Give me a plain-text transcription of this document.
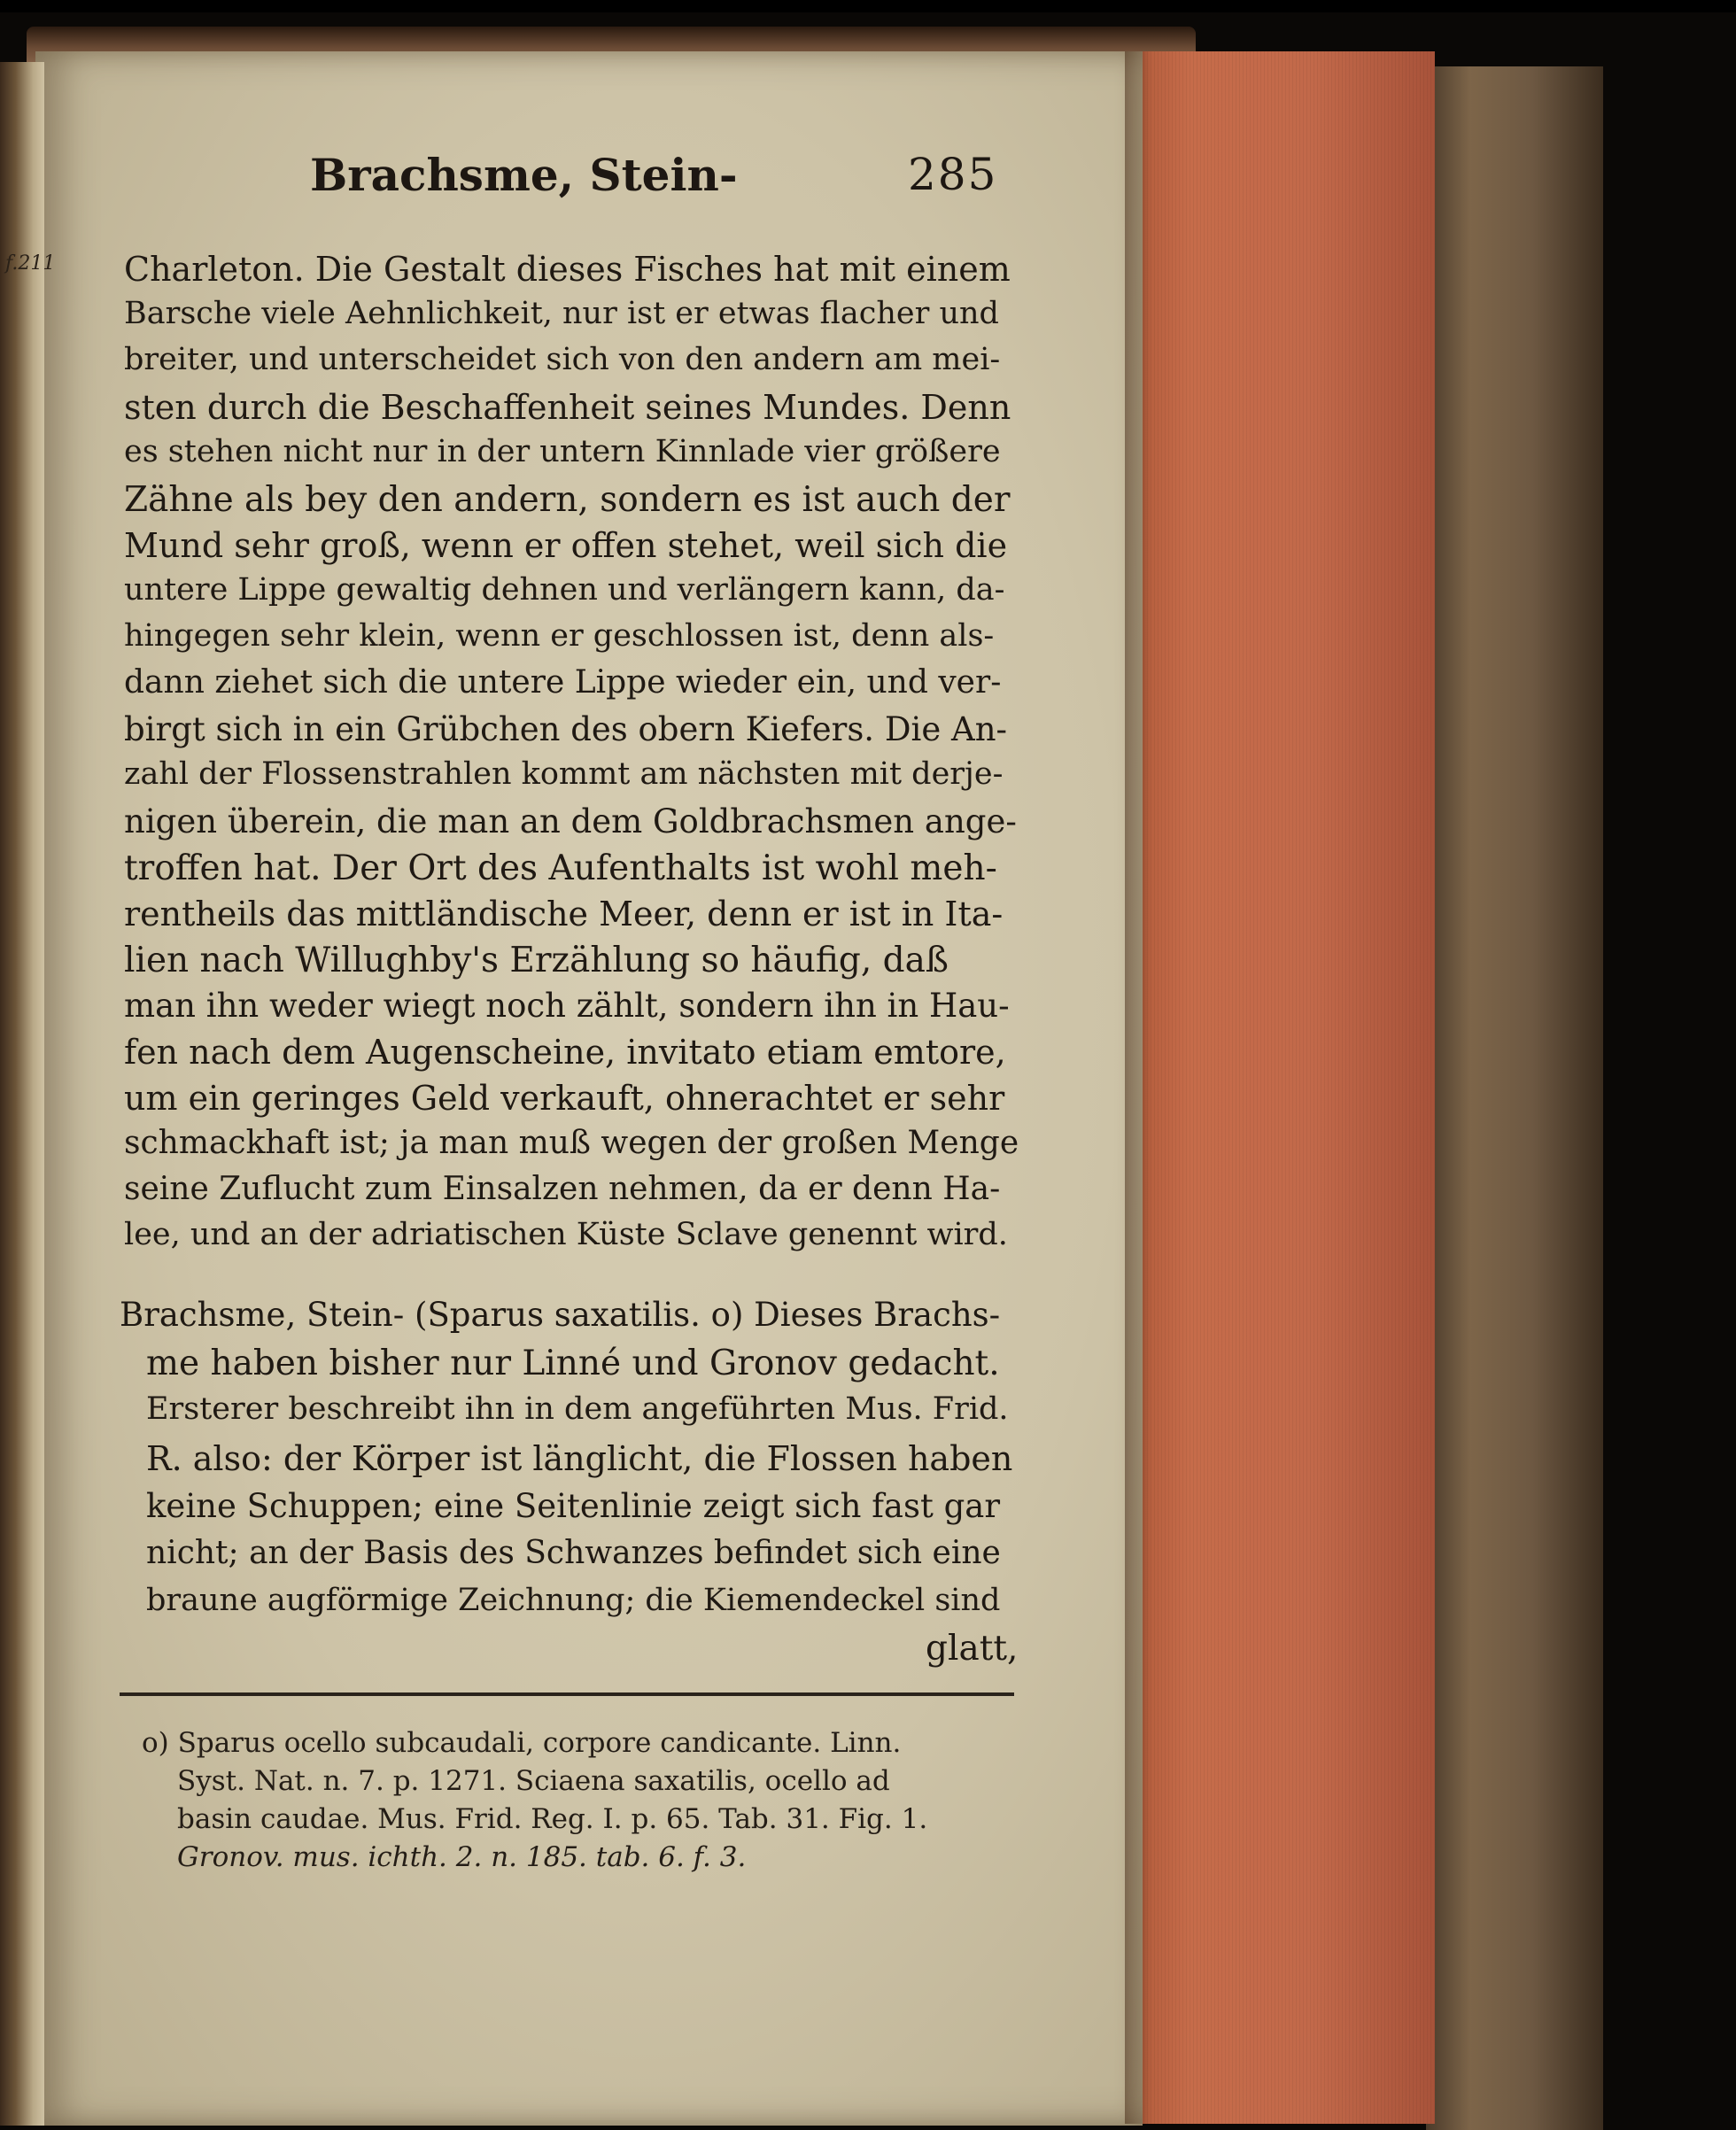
f.211
Brachsme, Stein-	285
Charleton. Die Gestalt dieses Fisches hat mit einem
Barsche viele Aehnlichkeit, nur ist er etwas flacher und
breiter, und unterscheidet sich von den andern am mei-
sten durch die Beschaffenheit seines Mundes. Denn
es stehen nicht nur in der untern Kinnlade vier größere
Zähne als bey den andern, sondern es ist auch der
Mund sehr groß, wenn er offen stehet, weil sich die
untere Lippe gewaltig dehnen und verlängern kann, da-
hingegen sehr klein, wenn er geschlossen ist, denn als-
dann ziehet sich die untere Lippe wieder ein, und ver-
birgt sich in ein Grübchen des obern Kiefers. Die An-
zahl der Flossenstrahlen kommt am nächsten mit derje-
nigen überein, die man an dem Goldbrachsmen ange-
troffen hat. Der Ort des Aufenthalts ist wohl meh-
rentheils das mittländische Meer, denn er ist in Ita-
lien nach Willughby's Erzählung so häufig, daß
man ihn weder wiegt noch zählt, sondern ihn in Hau-
fen nach dem Augenscheine, invitato etiam emtore,
um ein geringes Geld verkauft, ohnerachtet er sehr
schmackhaft ist; ja man muß wegen der großen Menge
seine Zuflucht zum Einsalzen nehmen, da er denn Ha-
lee, und an der adriatischen Küste Sclave genennt wird.
Brachsme, Stein- (Sparus saxatilis. o) Dieses Brachs-
me haben bisher nur Linné und Gronov gedacht.
Ersterer beschreibt ihn in dem angeführten Mus. Frid.
R. also: der Körper ist länglicht, die Flossen haben
keine Schuppen; eine Seitenlinie zeigt sich fast gar
nicht; an der Basis des Schwanzes befindet sich eine
braune augförmige Zeichnung; die Kiemendeckel sind
glatt,
o) Sparus ocello subcaudali, corpore candicante. Linn.
Syst. Nat. n. 7. p. 1271. Sciaena saxatilis, ocello ad
basin caudae. Mus. Frid. Reg. I. p. 65. Tab. 31. Fig. 1.
Gronov. mus. ichth. 2. n. 185. tab. 6. f. 3.
